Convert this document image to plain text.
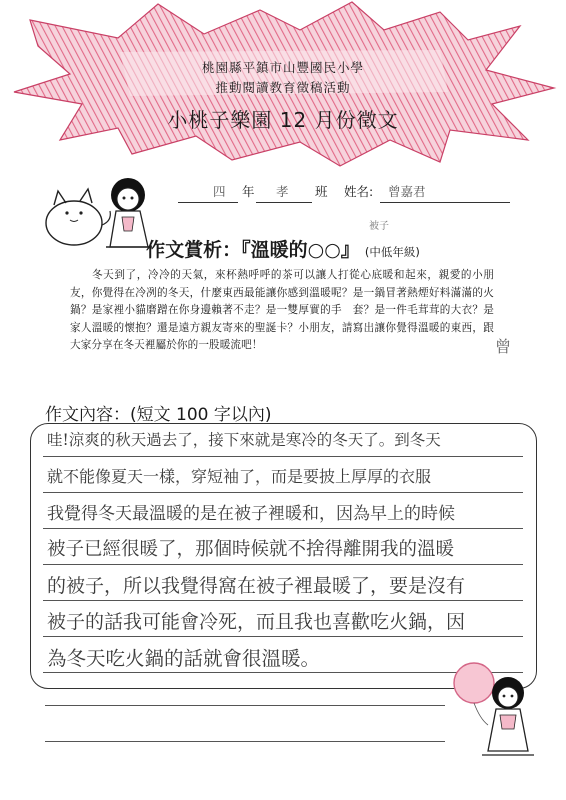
桃園縣平鎮市山豐國民小學
推動閱讀教育徵稿活動
小桃子樂園 12 月份徵文
四 年 孝 班 姓名: 曾嘉君
被子
作文賞析：『溫暖的○○』 (中低年級)
冬天到了，冷冷的天氣，來杯熱呼呼的茶可以讓人打從心底暖和起來，親愛的小朋友，你覺得在冷冽的冬天，什麼東西最能讓你感到溫暖呢？是一鍋冒著熱煙好料滿滿的火鍋？是家裡小貓磨蹭在你身邊賴著不走？是一雙厚實的手　套？是一件毛茸茸的大衣？是家人溫暖的懷抱？還是遠方親友寄來的聖誕卡？小朋友，請寫出讓你覺得溫暖的東西，跟大家分享在冬天裡屬於你的一股暖流吧！	曾
作文內容：(短文 100 字以內)
哇!涼爽的秋天過去了，接下來就是寒冷的冬天了。到冬天
就不能像夏天一樣，穿短袖了，而是要披上厚厚的衣服
我覺得冬天最溫暖的是在被子裡暖和，因為早上的時候
被子已經很暖了，那個時候就不捨得離開我的溫暖
的被子，所以我覺得窩在被子裡最暖了，要是沒有
被子的話我可能會冷死，而且我也喜歡吃火鍋，因
為冬天吃火鍋的話就會很溫暖。
